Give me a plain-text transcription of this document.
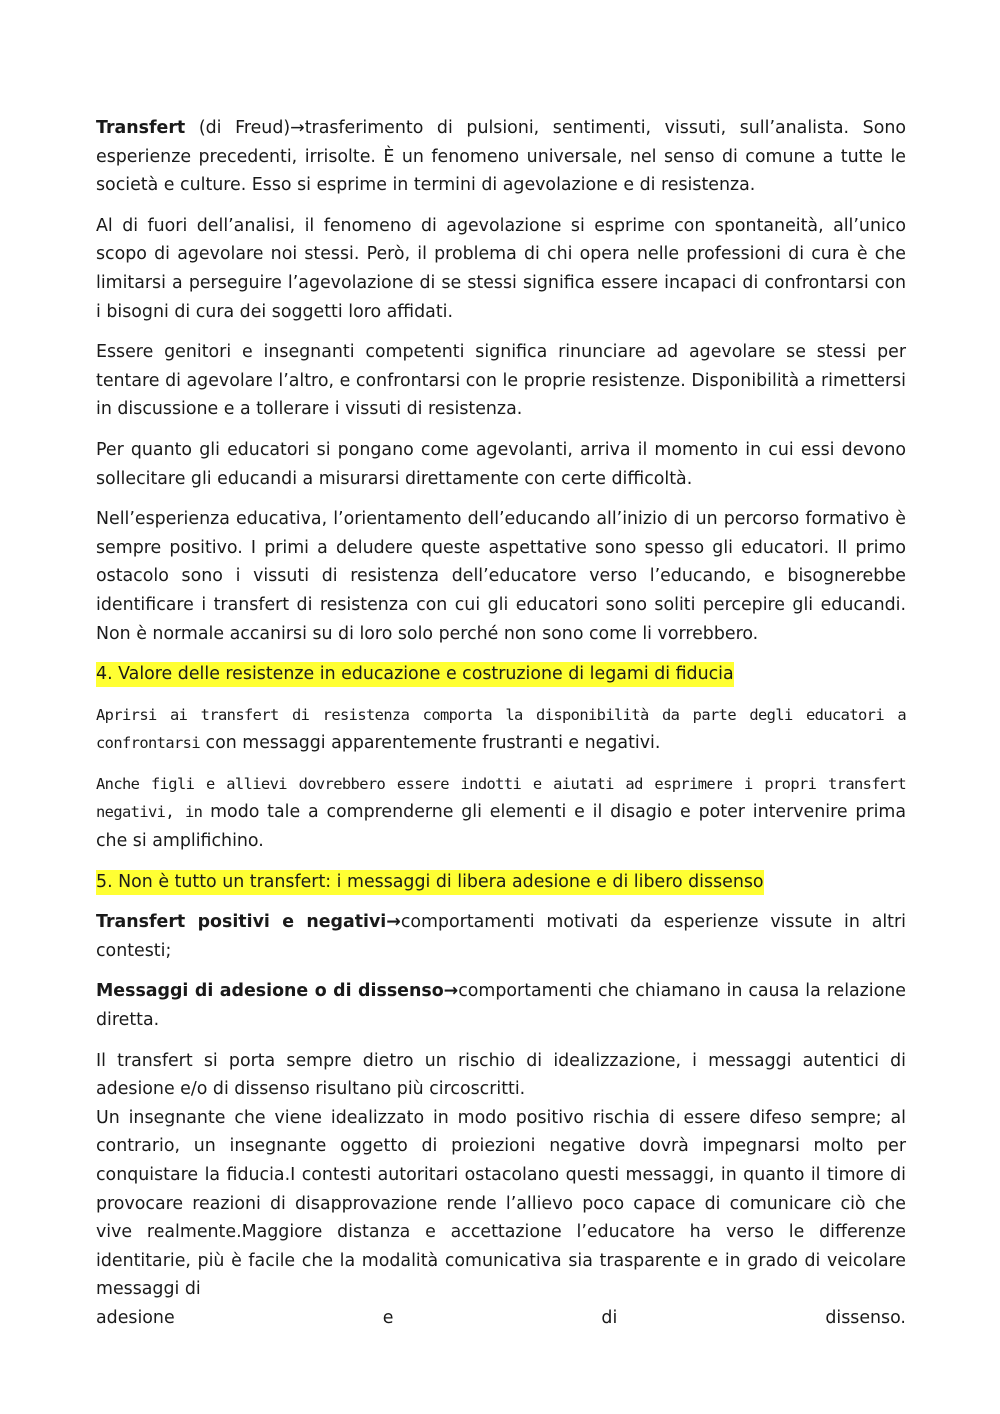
Transfert (di Freud)→trasferimento di pulsioni, sentimenti, vissuti, sull’analista. Sono esperienze precedenti, irrisolte. È un fenomeno universale, nel senso di comune a tutte le società e culture. Esso si esprime in termini di agevolazione e di resistenza.

Al di fuori dell’analisi, il fenomeno di agevolazione si esprime con spontaneità, all’unico scopo di agevolare noi stessi. Però, il problema di chi opera nelle professioni di cura è che limitarsi a perseguire l’agevolazione di se stessi significa essere incapaci di confrontarsi con i bisogni di cura dei soggetti loro affidati.

Essere genitori e insegnanti competenti significa rinunciare ad agevolare se stessi per tentare di agevolare l’altro, e confrontarsi con le proprie resistenze. Disponibilità a rimettersi in discussione e a tollerare i vissuti di resistenza.

Per quanto gli educatori si pongano come agevolanti, arriva il momento in cui essi devono sollecitare gli educandi a misurarsi direttamente con certe difficoltà.

Nell’esperienza educativa, l’orientamento dell’educando all’inizio di un percorso formativo è sempre positivo. I primi a deludere queste aspettative sono spesso gli educatori. Il primo ostacolo sono i vissuti di resistenza dell’educatore verso l’educando, e bisognerebbe identificare i transfert di resistenza con cui gli educatori sono soliti percepire gli educandi. Non è normale accanirsi su di loro solo perché non sono come li vorrebbero.

4. Valore delle resistenze in educazione e costruzione di legami di fiducia

Aprirsi ai transfert di resistenza comporta la disponibilità da parte degli educatori a confrontarsi con messaggi apparentemente frustranti e negativi.

Anche figli e allievi dovrebbero essere indotti e aiutati ad esprimere i propri transfert negativi, in modo tale a comprenderne gli elementi e il disagio e poter intervenire prima che si amplifichino.

5. Non è tutto un transfert: i messaggi di libera adesione e di libero dissenso

Transfert positivi e negativi→comportamenti motivati da esperienze vissute in altri contesti;

Messaggi di adesione o di dissenso→comportamenti che chiamano in causa la relazione diretta.

Il transfert si porta sempre dietro un rischio di idealizzazione, i messaggi autentici di adesione e/o di dissenso risultano più circoscritti.

Un insegnante che viene idealizzato in modo positivo rischia di essere difeso sempre; al contrario, un insegnante oggetto di proiezioni negative dovrà impegnarsi molto per conquistare la fiducia.I contesti autoritari ostacolano questi messaggi, in quanto il timore di provocare reazioni di disapprovazione rende l’allievo poco capace di comunicare ciò che vive realmente.Maggiore distanza e accettazione l’educatore ha verso le differenze identitarie, più è facile che la modalità comunicativa sia trasparente e in grado di veicolare messaggi di

adesione	e	di	dissenso.
